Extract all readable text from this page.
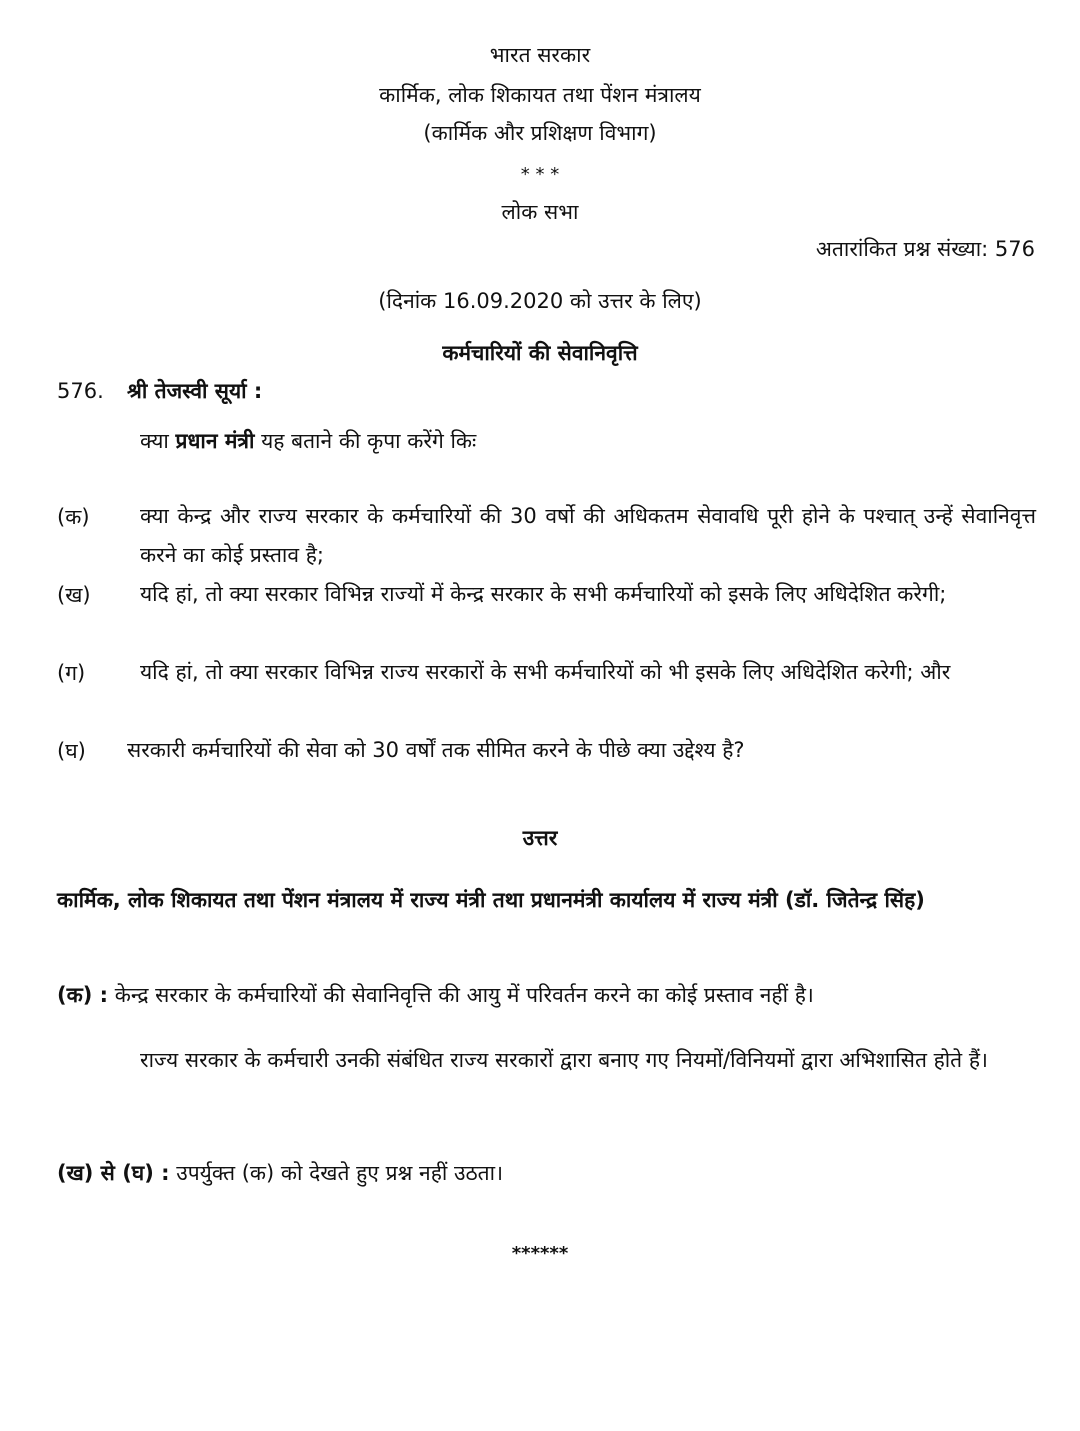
भारत सरकार

कार्मिक, लोक शिकायत तथा पेंशन मंत्रालय

(कार्मिक और प्रशिक्षण विभाग)

* * *

लोक सभा

अतारांकित प्रश्न संख्या: 576

(दिनांक 16.09.2020 को उत्तर के लिए)

कर्मचारियों की सेवानिवृत्ति

576. श्री तेजस्वी सूर्या :

क्या प्रधान मंत्री यह बताने की कृपा करेंगे किः

(क) क्या केन्द्र और राज्य सरकार के कर्मचारियों की 30 वर्षो की अधिकतम सेवावधि पूरी होने के पश्चात् उन्हें सेवानिवृत्त करने का कोई प्रस्ताव है;
(ख) यदि हां, तो क्या सरकार विभिन्न राज्यों में केन्द्र सरकार के सभी कर्मचारियों को इसके लिए अधिदेशित करेगी;
(ग)	यदि हां, तो क्या सरकार विभिन्न राज्य सरकारों के सभी कर्मचारियों को भी इसके लिए अधिदेशित करेगी; और
(घ) सरकारी कर्मचारियों की सेवा को 30 वर्षों तक सीमित करने के पीछे क्या उद्देश्य है?

उत्तर

कार्मिक, लोक शिकायत तथा पेंशन मंत्रालय में राज्य मंत्री तथा प्रधानमंत्री कार्यालय में राज्य मंत्री (डॉ. जितेन्द्र सिंह)

(क) : केन्द्र सरकार के कर्मचारियों की सेवानिवृत्ति की आयु में परिवर्तन करने का कोई प्रस्ताव नहीं है।

राज्य सरकार के कर्मचारी उनकी संबंधित राज्य सरकारों द्वारा बनाए गए नियमों/विनियमों द्वारा अभिशासित होते हैं।

(ख) से (घ) : उपर्युक्त (क) को देखते हुए प्रश्न नहीं उठता।

******
